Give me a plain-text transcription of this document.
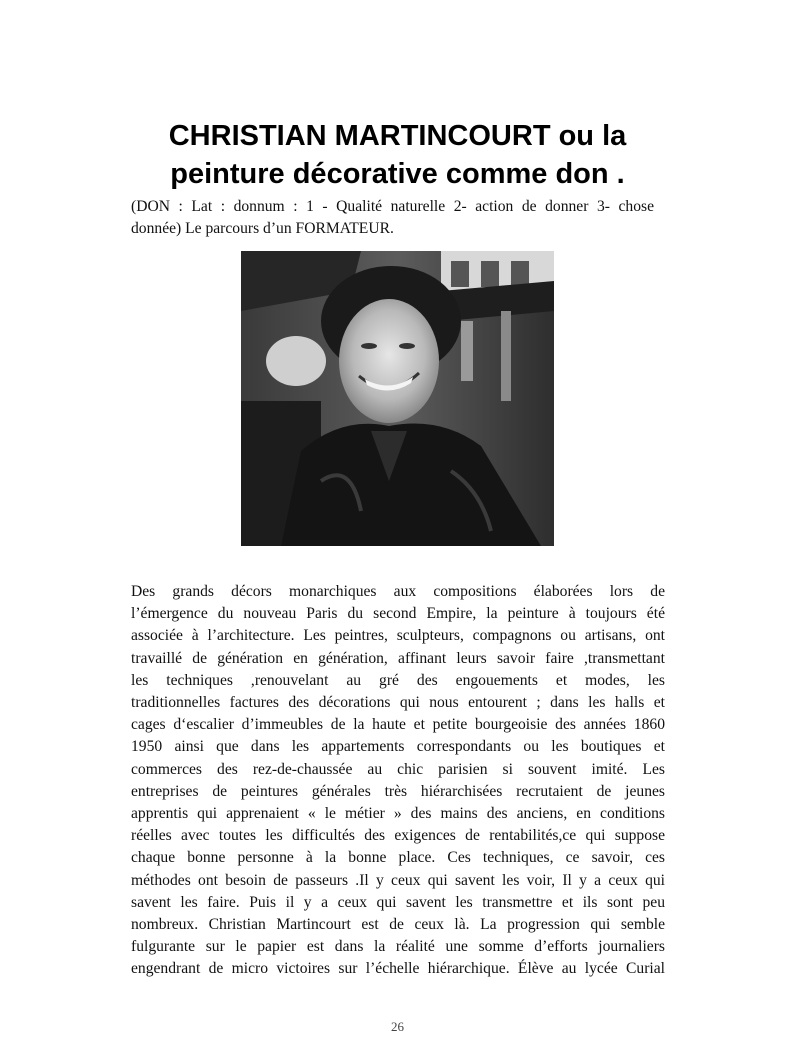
CHRISTIAN MARTINCOURT ou la
peinture décorative comme don .
(DON : Lat : donnum : 1 - Qualité naturelle 2- action de donner 3- chose
donnée) Le parcours d’un FORMATEUR.
Des grands décors monarchiques aux compositions élaborées lors de
l’émergence du nouveau Paris du second Empire, la peinture à toujours été
associée à l’architecture. Les peintres, sculpteurs, compagnons ou artisans, ont
travaillé de génération en génération, affinant leurs savoir faire ,transmettant
les techniques ,renouvelant au gré des engouements et modes, les
traditionnelles factures des décorations qui nous entourent ; dans les halls et
cages d‘escalier d’immeubles de la haute et petite bourgeoisie des années 1860
1950 ainsi que dans les appartements correspondants ou les boutiques et
commerces des rez-de-chaussée au chic parisien si souvent imité. Les
entreprises de peintures générales très hiérarchisées recrutaient de jeunes
apprentis qui apprenaient « le métier » des mains des anciens, en conditions
réelles avec toutes les difficultés des exigences de rentabilités,ce qui suppose
chaque bonne personne à la bonne place. Ces techniques, ce savoir, ces
méthodes ont besoin de passeurs .Il y ceux qui savent les voir, Il y a ceux qui
savent les faire. Puis il y a ceux qui savent les transmettre et ils sont peu
nombreux. Christian Martincourt est de ceux là. La progression qui semble
fulgurante sur le papier est dans la réalité une somme d’efforts journaliers
engendrant de micro victoires sur l’échelle hiérarchique. Élève au lycée Curial
26
